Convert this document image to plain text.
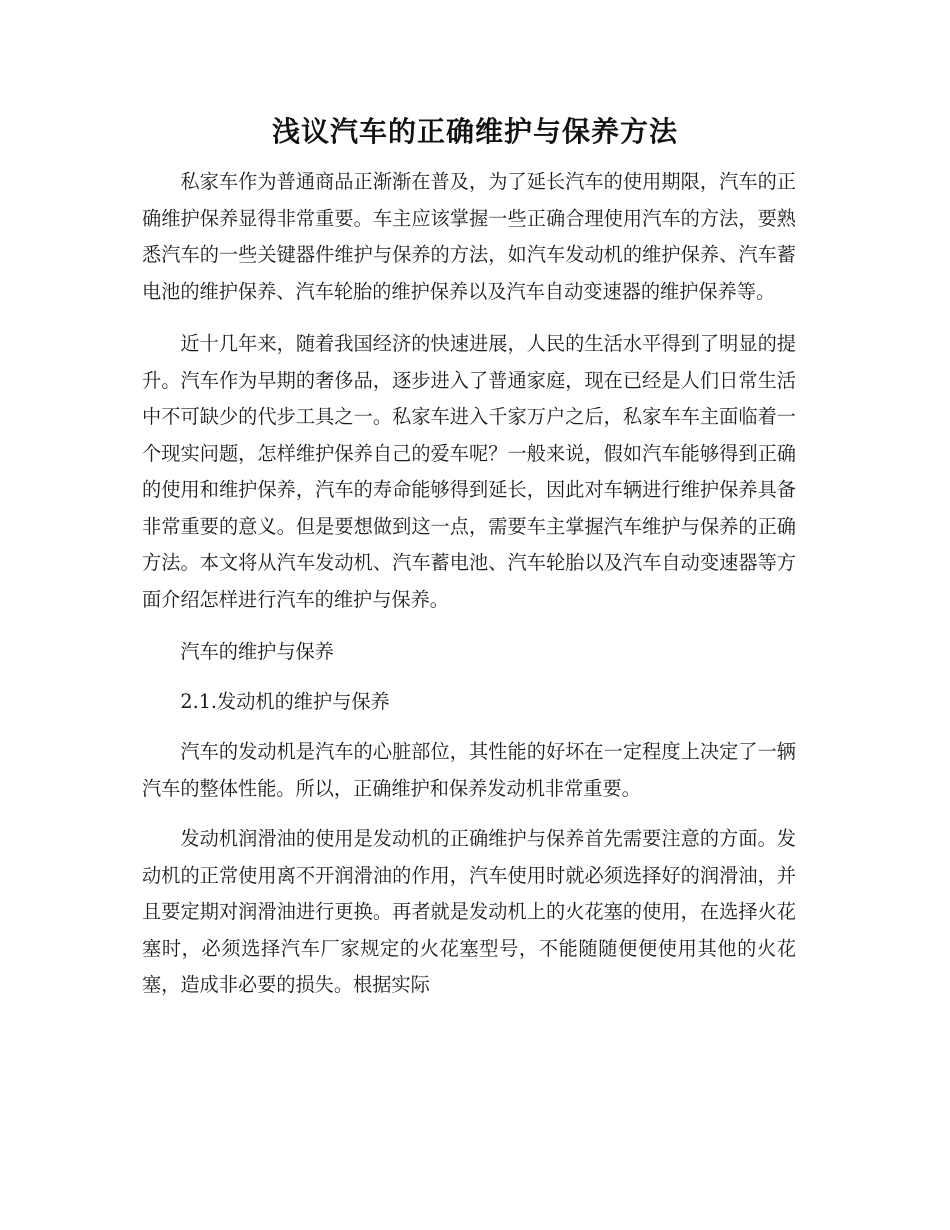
浅议汽车的正确维护与保养方法

私家车作为普通商品正渐渐在普及，为了延长汽车的使用期限，汽车的正确维护保养显得非常重要。车主应该掌握一些正确合理使用汽车的方法，要熟悉汽车的一些关键器件维护与保养的方法，如汽车发动机的维护保养、汽车蓄电池的维护保养、汽车轮胎的维护保养以及汽车自动变速器的维护保养等。

近十几年来，随着我国经济的快速进展，人民的生活水平得到了明显的提升。汽车作为早期的奢侈品，逐步进入了普通家庭，现在已经是人们日常生活中不可缺少的代步工具之一。私家车进入千家万户之后，私家车车主面临着一个现实问题，怎样维护保养自己的爱车呢？一般来说，假如汽车能够得到正确的使用和维护保养，汽车的寿命能够得到延长，因此对车辆进行维护保养具备非常重要的意义。但是要想做到这一点，需要车主掌握汽车维护与保养的正确方法。本文将从汽车发动机、汽车蓄电池、汽车轮胎以及汽车自动变速器等方面介绍怎样进行汽车的维护与保养。

汽车的维护与保养

2.1.发动机的维护与保养

汽车的发动机是汽车的心脏部位，其性能的好坏在一定程度上决定了一辆汽车的整体性能。所以，正确维护和保养发动机非常重要。

发动机润滑油的使用是发动机的正确维护与保养首先需要注意的方面。发动机的正常使用离不开润滑油的作用，汽车使用时就必须选择好的润滑油，并且要定期对润滑油进行更换。再者就是发动机上的火花塞的使用，在选择火花塞时，必须选择汽车厂家规定的火花塞型号，不能随随便便使用其他的火花塞，造成非必要的损失。根据实际
